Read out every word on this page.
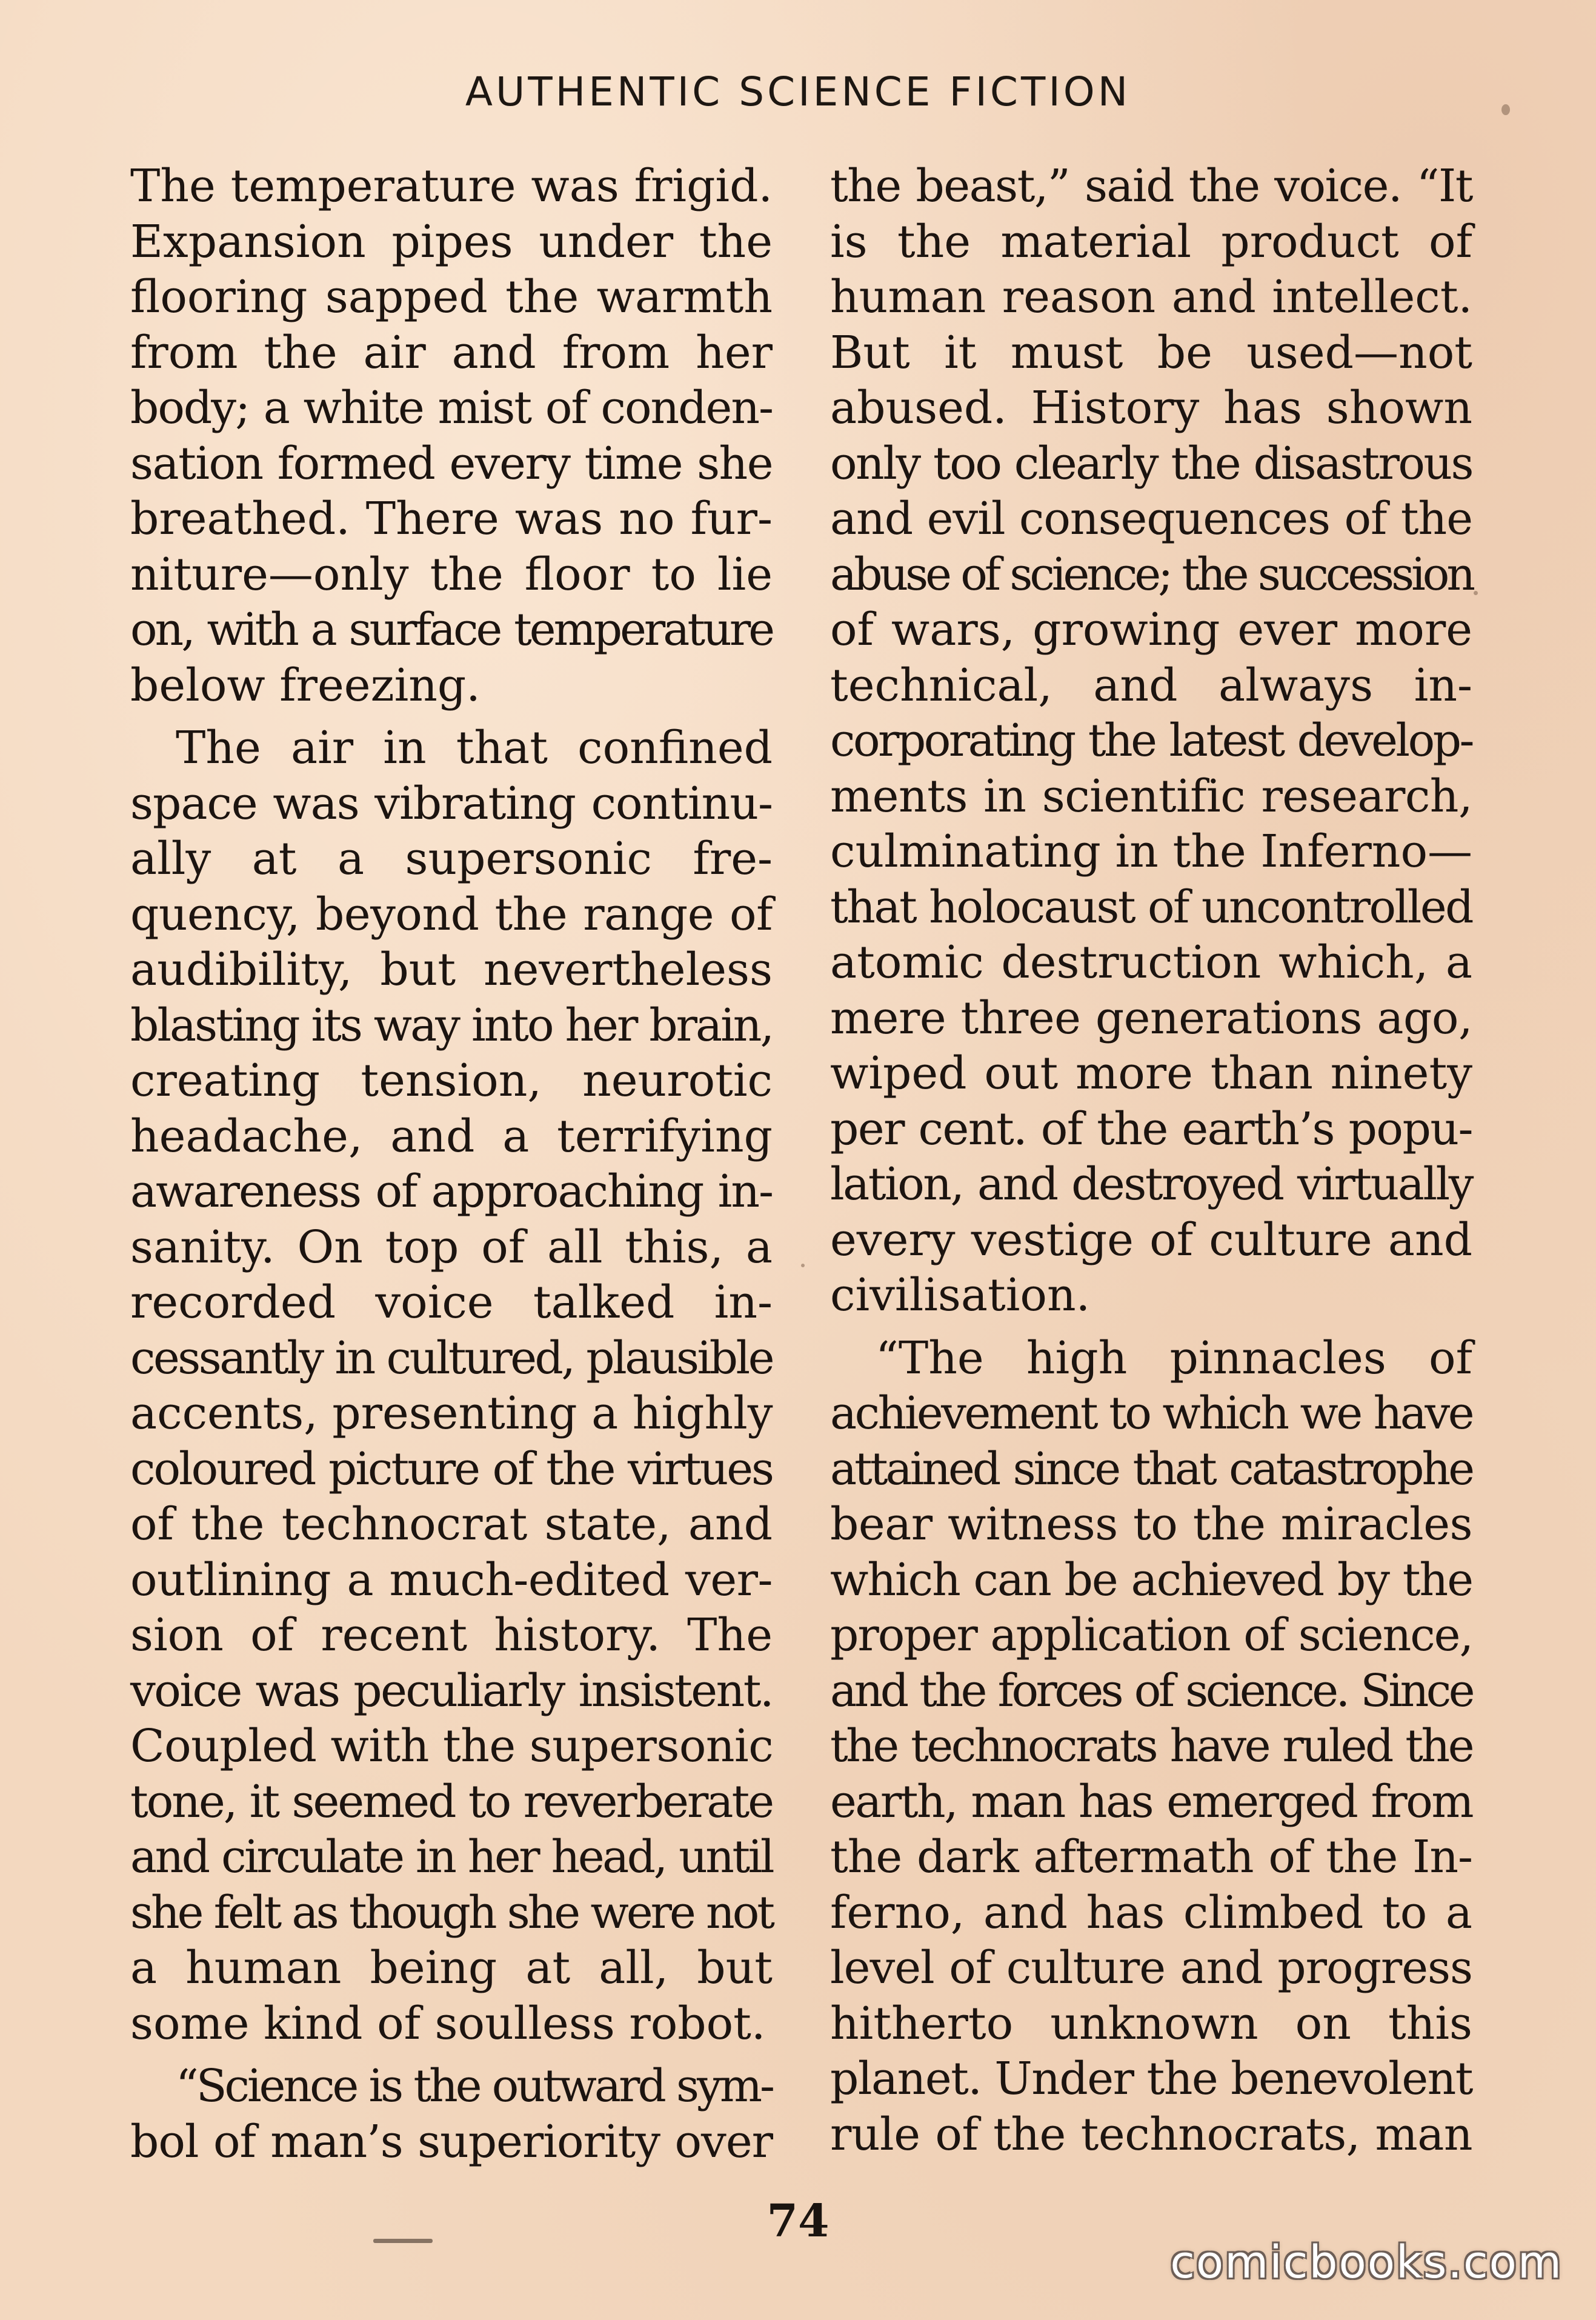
AUTHENTIC SCIENCE FICTION
The temperature was frigid.
Expansion pipes under the
flooring sapped the warmth
from the air and from her
body; a white mist of conden-
sation formed every time she
breathed. There was no fur-
niture—only the floor to lie
on, with a surface temperature
below freezing.
The air in that confined
space was vibrating continu-
ally at a supersonic fre-
quency, beyond the range of
audibility, but nevertheless
blasting its way into her brain,
creating tension, neurotic
headache, and a terrifying
awareness of approaching in-
sanity. On top of all this, a
recorded voice talked in-
cessantly in cultured, plausible
accents, presenting a highly
coloured picture of the virtues
of the technocrat state, and
outlining a much-edited ver-
sion of recent history. The
voice was peculiarly insistent.
Coupled with the supersonic
tone, it seemed to reverberate
and circulate in her head, until
she felt as though she were not
a human being at all, but
some kind of soulless robot.
“Science is the outward sym-
bol of man’s superiority over
the beast,” said the voice. “It
is the material product of
human reason and intellect.
But it must be used—not
abused. History has shown
only too clearly the disastrous
and evil consequences of the
abuse of science; the succession
of wars, growing ever more
technical, and always in-
corporating the latest develop-
ments in scientific research,
culminating in the Inferno—
that holocaust of uncontrolled
atomic destruction which, a
mere three generations ago,
wiped out more than ninety
per cent. of the earth’s popu-
lation, and destroyed virtually
every vestige of culture and
civilisation.
“The high pinnacles of
achievement to which we have
attained since that catastrophe
bear witness to the miracles
which can be achieved by the
proper application of science,
and the forces of science. Since
the technocrats have ruled the
earth, man has emerged from
the dark aftermath of the In-
ferno, and has climbed to a
level of culture and progress
hitherto unknown on this
planet. Under the benevolent
rule of the technocrats, man
74
comicbooks.com
